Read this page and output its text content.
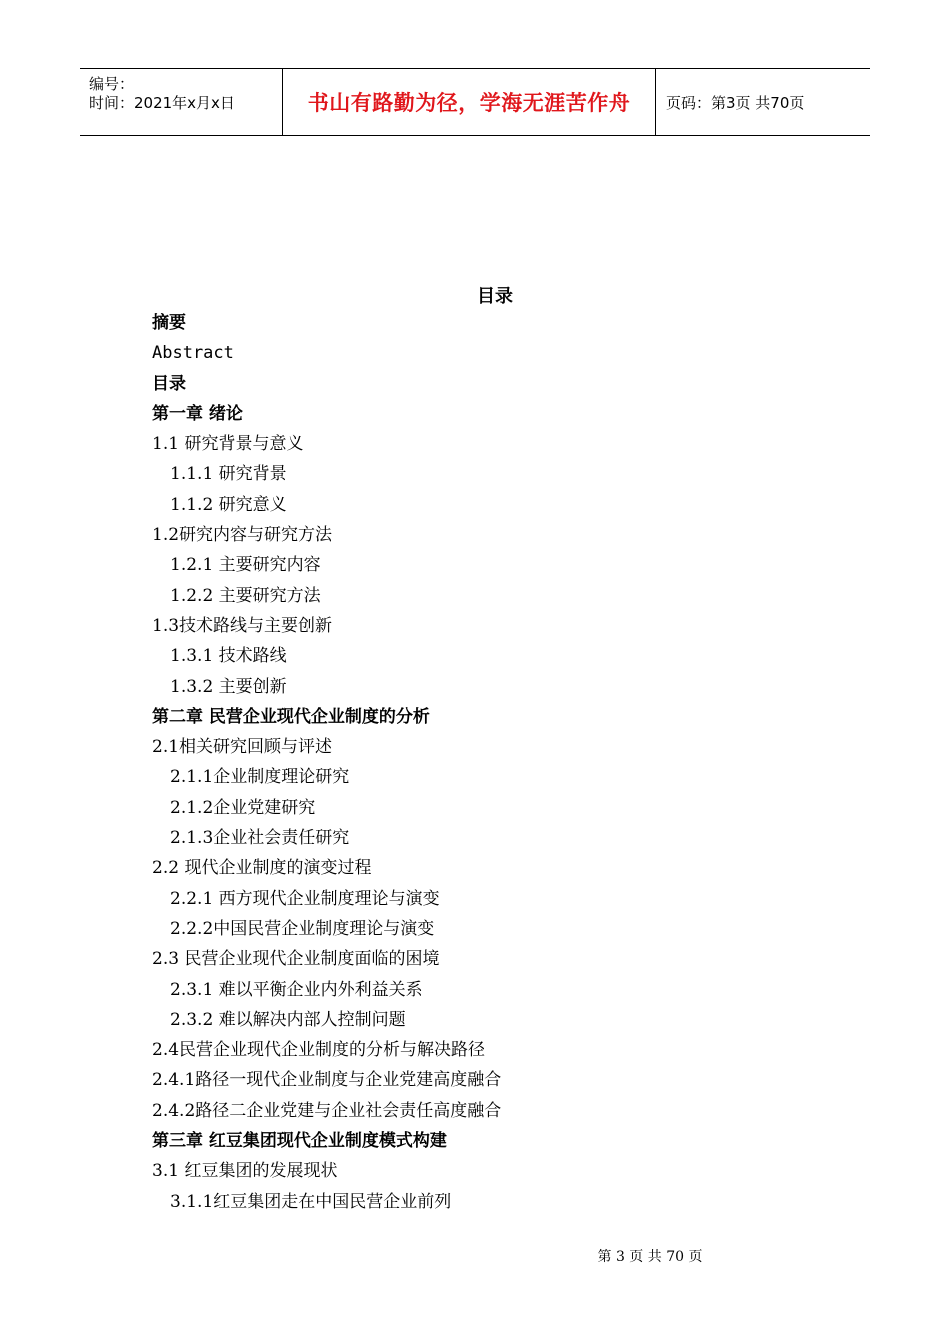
编号：
时间：2021年x月x日	书山有路勤为径，学海无涯苦作舟 页码：第3页 共70页
目录
摘要
Abstract
目录
第一章 绪论
1.1 研究背景与意义
1.1.1 研究背景
1.1.2 研究意义
1.2研究内容与研究方法
1.2.1 主要研究内容
1.2.2 主要研究方法
1.3技术路线与主要创新
1.3.1 技术路线
1.3.2 主要创新
第二章 民营企业现代企业制度的分析
2.1相关研究回顾与评述
2.1.1企业制度理论研究
2.1.2企业党建研究
2.1.3企业社会责任研究
2.2 现代企业制度的演变过程
2.2.1 西方现代企业制度理论与演变
2.2.2中国民营企业制度理论与演变
2.3 民营企业现代企业制度面临的困境
2.3.1 难以平衡企业内外利益关系
2.3.2 难以解决内部人控制问题
2.4民营企业现代企业制度的分析与解决路径
2.4.1路径一现代企业制度与企业党建高度融合
2.4.2路径二企业党建与企业社会责任高度融合
第三章 红豆集团现代企业制度模式构建
3.1 红豆集团的发展现状
3.1.1红豆集团走在中国民营企业前列
第 3 页 共 70 页
